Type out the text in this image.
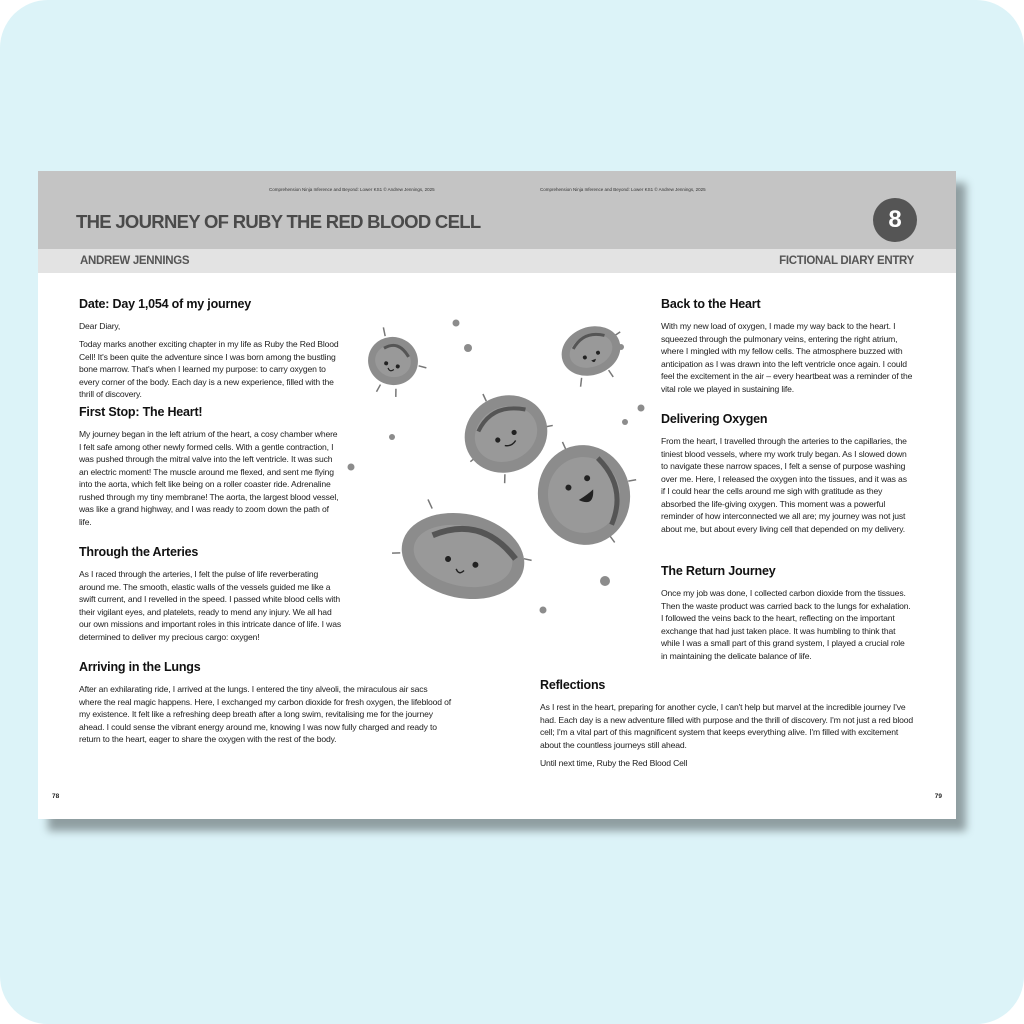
Comprehension Ninja Inference and Beyond: Lower KS1 © Andrew Jennings, 2025	Comprehension Ninja Inference and Beyond: Lower KS1 © Andrew Jennings, 2025
THE JOURNEY OF RUBY THE RED BLOOD CELL	8
ANDREW JENNINGS	FICTIONAL DIARY ENTRY
Date: Day 1,054 of my journey

Dear Diary,

Today marks another exciting chapter in my life as Ruby the Red Blood Cell! It's been quite the adventure since I was born among the bustling bone marrow. That's when I learned my purpose: to carry oxygen to every corner of the body. Each day is a new experience, filled with the thrill of discovery.

First Stop: The Heart!

My journey began in the left atrium of the heart, a cosy chamber where I felt safe among other newly formed cells. With a gentle contraction, I was pushed through the mitral valve into the left ventricle. It was such an electric moment! The muscle around me flexed, and sent me flying into the aorta, which felt like being on a roller coaster ride. Adrenaline rushed through my tiny membrane! The aorta, the largest blood vessel, was like a grand highway, and I was ready to zoom down the path of life.

Through the Arteries

As I raced through the arteries, I felt the pulse of life reverberating around me. The smooth, elastic walls of the vessels guided me like a swift current, and I revelled in the speed. I passed white blood cells with their vigilant eyes, and platelets, ready to mend any injury. We all had our own missions and important roles in this intricate dance of life. I was determined to deliver my precious cargo: oxygen!

Arriving in the Lungs

After an exhilarating ride, I arrived at the lungs. I entered the tiny alveoli, the miraculous air sacs where the real magic happens. Here, I exchanged my carbon dioxide for fresh oxygen, the lifeblood of my existence. It felt like a refreshing deep breath after a long swim, revitalising me for the journey ahead. I could sense the vibrant energy around me, knowing I was now fully charged and ready to return to the heart, eager to share the oxygen with the rest of the body.

Back to the Heart

With my new load of oxygen, I made my way back to the heart. I squeezed through the pulmonary veins, entering the right atrium, where I mingled with my fellow cells. The atmosphere buzzed with anticipation as I was drawn into the left ventricle once again. I could feel the excitement in the air – every heartbeat was a reminder of the vital role we played in sustaining life.

Delivering Oxygen

From the heart, I travelled through the arteries to the capillaries, the tiniest blood vessels, where my work truly began. As I slowed down to navigate these narrow spaces, I felt a sense of purpose washing over me. Here, I released the oxygen into the tissues, and it was as if I could hear the cells around me sigh with gratitude as they absorbed the life-giving oxygen. This moment was a powerful reminder of how interconnected we all are; my journey was not just about me, but about every living cell that depended on my delivery.

The Return Journey

Once my job was done, I collected carbon dioxide from the tissues. Then the waste product was carried back to the lungs for exhalation. I followed the veins back to the heart, reflecting on the important exchange that had just taken place. It was humbling to think that while I was a small part of this grand system, I played a crucial role in maintaining the delicate balance of life.

Reflections

As I rest in the heart, preparing for another cycle, I can't help but marvel at the incredible journey I've had. Each day is a new adventure filled with purpose and the thrill of discovery. I'm not just a red blood cell; I'm a vital part of this magnificent system that keeps everything alive. I'm filled with excitement about the countless journeys still ahead.

Until next time, Ruby the Red Blood Cell

78	79
